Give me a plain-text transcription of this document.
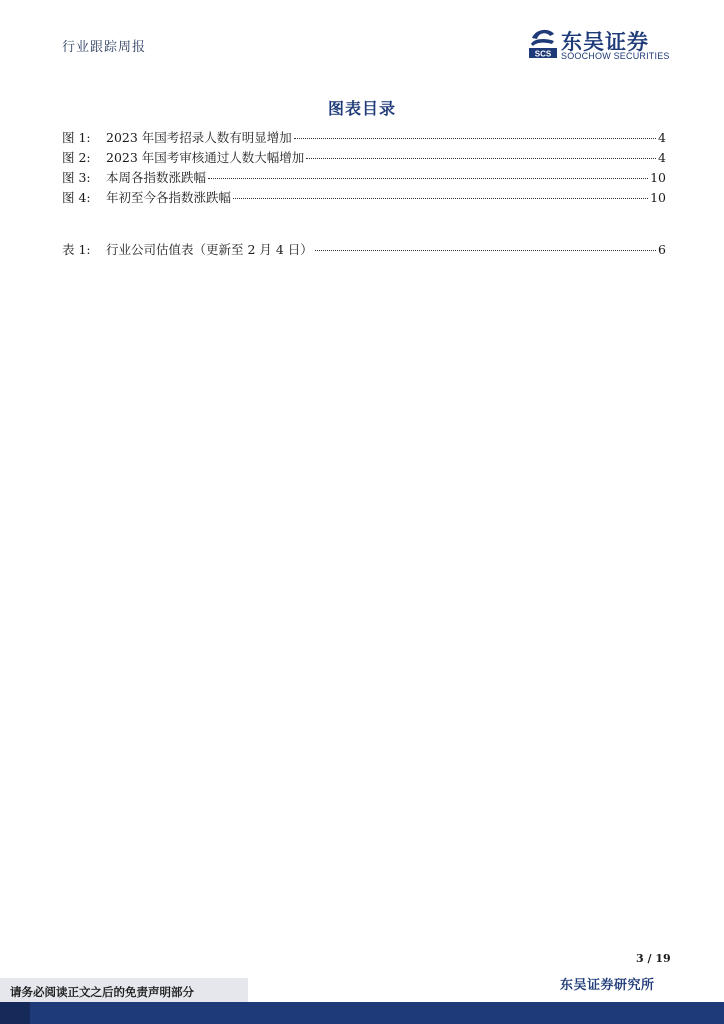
行业跟踪周报	SCS 东吴证券
SOOCHOW SECURITIES
图表目录
图 1:	2023 年国考招录人数有明显增加	4
图 2:	2023 年国考审核通过人数大幅增加	4
图 3:	本周各指数涨跌幅	10
图 4:	年初至今各指数涨跌幅	10
表 1:	行业公司估值表（更新至 2 月 4 日）	6
3 / 19
请务必阅读正文之后的免责声明部分	东吴证券研究所
